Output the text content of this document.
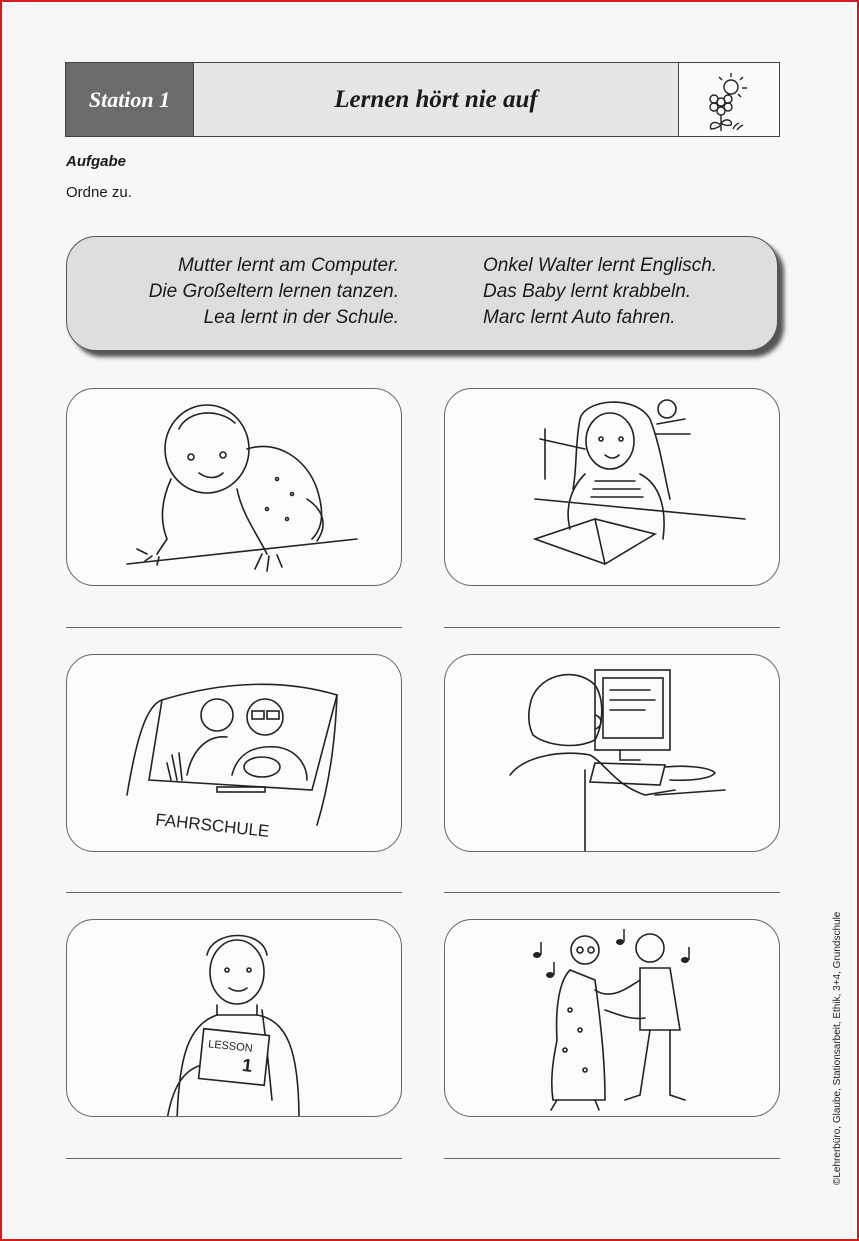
Station 1	Lernen hört nie auf
Aufgabe
Ordne zu.
Mutter lernt am Computer.
Die Großeltern lernen tanzen.
Lea lernt in der Schule.
Onkel Walter lernt Englisch.
Das Baby lernt krabbeln.
Marc lernt Auto fahren.
FAHRSCHULE
LESSON
1	©Lehrerbüro, Glaube, Stationsarbeit, Ethik, 3+4, Grundschule
